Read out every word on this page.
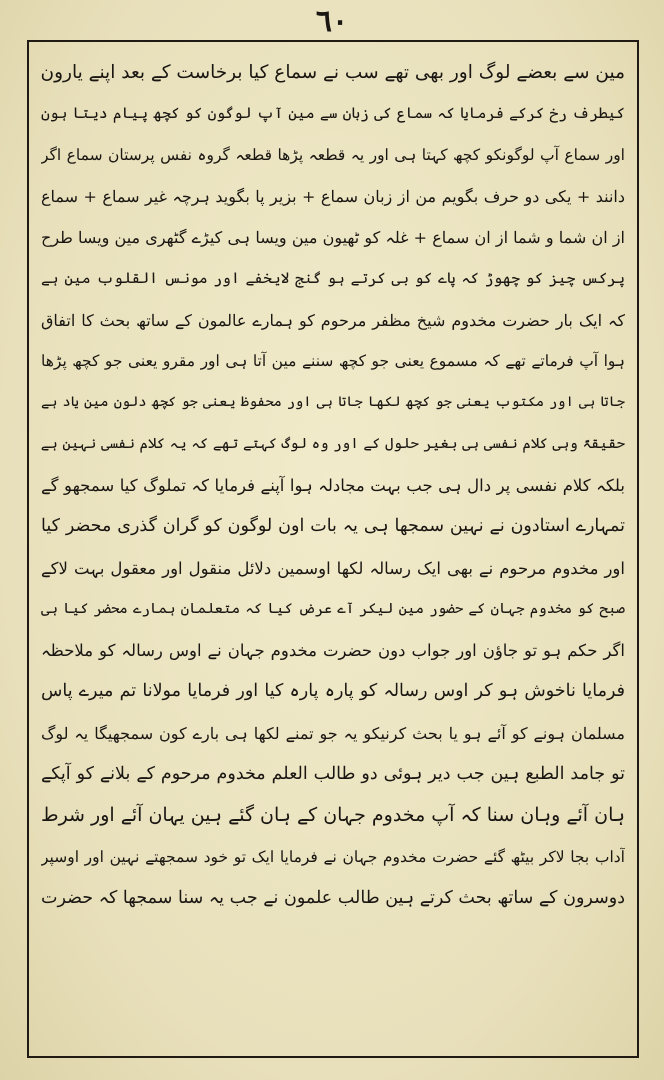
٦٠
مین سے بعضے لوگ اور بھی تھے سب نے سماع کیا برخاست کے بعد اپنے یارون
کیطرف رخ کرکے فرمایا کہ سماع کی زبان سے مین آپ لوگون کو کچھ پیام دیتا ہون
اور سماع آپ لوگونکو کچھ کہتا ہی اور یہ قطعہ پڑھا قطعہ گروہ نفس پرستان سماع اگر
دانند + یکی دو حرف بگویم من از زبان سماع + بزیر پا بگوید ہرچہ غیر سماع + سماع
از ان شما و شما از ان سماع + غلہ کو ٹھیون مین ویسا ہی کیڑے گٹھری مین ویسا طرح
پرکس چیز کو چھوڑ کہ پاے کو بی کرتے ہو گنج لایخفے اور مونس القلوب مین ہے
کہ ایک بار حضرت مخدوم شیخ مظفر مرحوم کو ہمارے عالمون کے ساتھ بحث کا اتفاق
ہوا آپ فرماتے تھے کہ مسموع یعنی جو کچھ سننے مین آتا ہی اور مقرو یعنی جو کچھ پڑھا
جاتا ہی اور مکتوب یعنی جو کچھ لکھا جاتا ہی اور محفوظ یعنی جو کچھ دلون مین یاد ہے
حقیقۃً وہی کلام نفسی ہی بغیر حلول کے اور وہ لوگ کہتے تھے کہ یہ کلام نفسی نہین ہے
بلکہ کلام نفسی پر دال ہی جب بہت مجادلہ ہوا آپنے فرمایا کہ تملوگ کیا سمجھو گے
تمہارے استادون نے نہین سمجھا ہی یہ بات اون لوگون کو گران گذری محضر کیا
اور مخدوم مرحوم نے بھی ایک رسالہ لکھا اوسمین دلائل منقول اور معقول بہت لاکے
صبح کو مخدوم جہان کے حضور مین لیکر آے عرض کیا کہ متعلمان ہمارے محضر کیا ہی
اگر حکم ہو تو جاؤن اور جواب دون حضرت مخدوم جہان نے اوس رسالہ کو ملاحظہ
فرمایا ناخوش ہو کر اوس رسالہ کو پارہ پارہ کیا اور فرمایا مولانا تم میرے پاس
مسلمان ہونے کو آئے ہو یا بحث کرنیکو یہ جو تمنے لکھا ہی بارے کون سمجھیگا یہ لوگ
تو جامد الطبع ہین جب دیر ہوئی دو طالب العلم مخدوم مرحوم کے بلانے کو آپکے
ہان آئے وہان سنا کہ آپ مخدوم جہان کے ہان گئے ہین یہان آئے اور شرط
آداب بجا لاکر بیٹھ گئے حضرت مخدوم جہان نے فرمایا ایک تو خود سمجھتے نہین اور اوسپر
دوسرون کے ساتھ بحث کرتے ہین طالب علمون نے جب یہ سنا سمجھا کہ حضرت
